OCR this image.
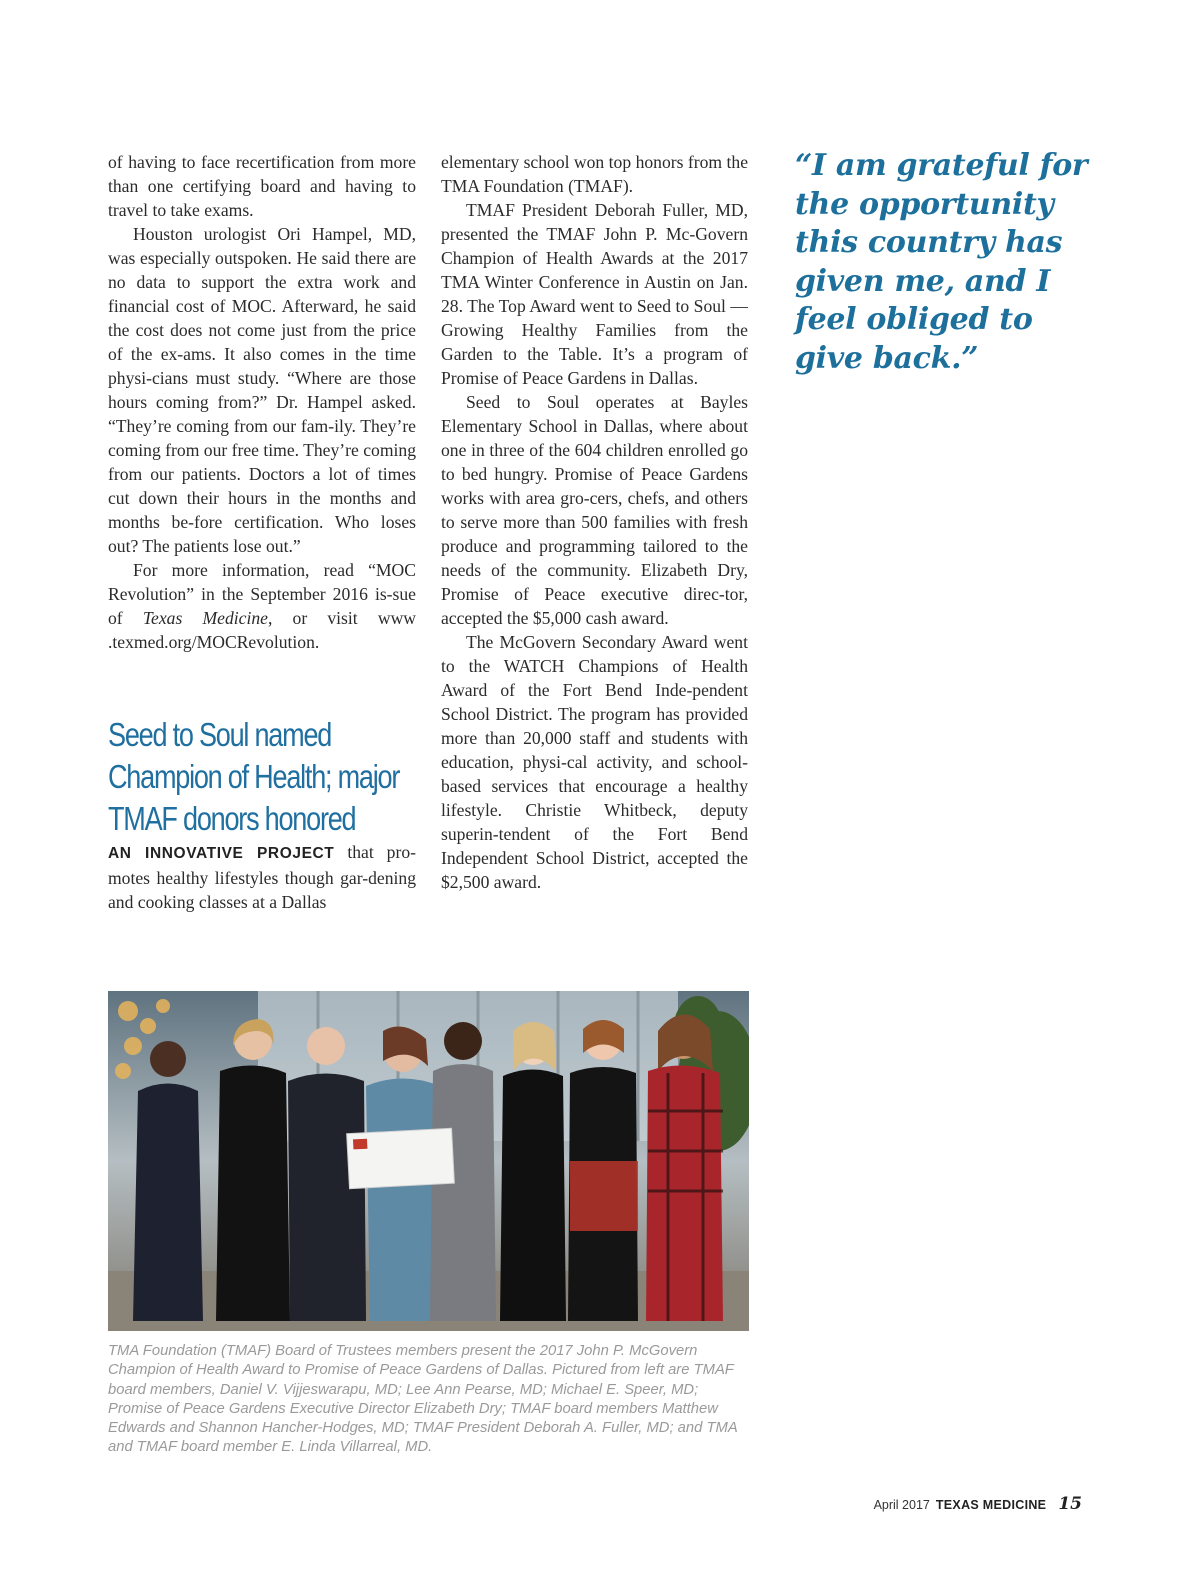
of having to face recertification from more than one certifying board and having to travel to take exams.

Houston urologist Ori Hampel, MD, was especially outspoken. He said there are no data to support the extra work and financial cost of MOC. Afterward, he said the cost does not come just from the price of the ex-ams. It also comes in the time physi-cians must study. “Where are those hours coming from?” Dr. Hampel asked. “They’re coming from our fam-ily. They’re coming from our free time. They’re coming from our patients. Doctors a lot of times cut down their hours in the months and months be-fore certification. Who loses out? The patients lose out.”

For more information, read “MOC Revolution” in the September 2016 is-sue of Texas Medicine, or visit www .texmed.org/MOCRevolution.

Seed to Soul named Champion of Health; major TMAF donors honored

AN INNOVATIVE PROJECT that pro-motes healthy lifestyles though gar-dening and cooking classes at a Dallas

elementary school won top honors from the TMA Foundation (TMAF).

TMAF President Deborah Fuller, MD, presented the TMAF John P. Mc-Govern Champion of Health Awards at the 2017 TMA Winter Conference in Austin on Jan. 28. The Top Award went to Seed to Soul — Growing Healthy Families from the Garden to the Table. It’s a program of Promise of Peace Gardens in Dallas.

Seed to Soul operates at Bayles Elementary School in Dallas, where about one in three of the 604 children enrolled go to bed hungry. Promise of Peace Gardens works with area gro-cers, chefs, and others to serve more than 500 families with fresh produce and programming tailored to the needs of the community. Elizabeth Dry, Promise of Peace executive direc-tor, accepted the $5,000 cash award.

The McGovern Secondary Award went to the WATCH Champions of Health Award of the Fort Bend Inde-pendent School District. The program has provided more than 20,000 staff and students with education, physi-cal activity, and school-based services that encourage a healthy lifestyle. Christie Whitbeck, deputy superin-tendent of the Fort Bend Independent School District, accepted the $2,500 award.

“I am grateful for the opportunity this country has given me, and I feel obliged to give back.”
TMA Foundation (TMAF) Board of Trustees members present the 2017 John P. McGovern Champion of Health Award to Promise of Peace Gardens of Dallas. Pictured from left are TMAF board members, Daniel V. Vijjeswarapu, MD; Lee Ann Pearse, MD; Michael E. Speer, MD; Promise of Peace Gardens Executive Director Elizabeth Dry; TMAF board members Matthew Edwards and Shannon Hancher-Hodges, MD; TMAF President Deborah A. Fuller, MD; and TMA and TMAF board member E. Linda Villarreal, MD.
April 2017 TEXAS MEDICINE 15
